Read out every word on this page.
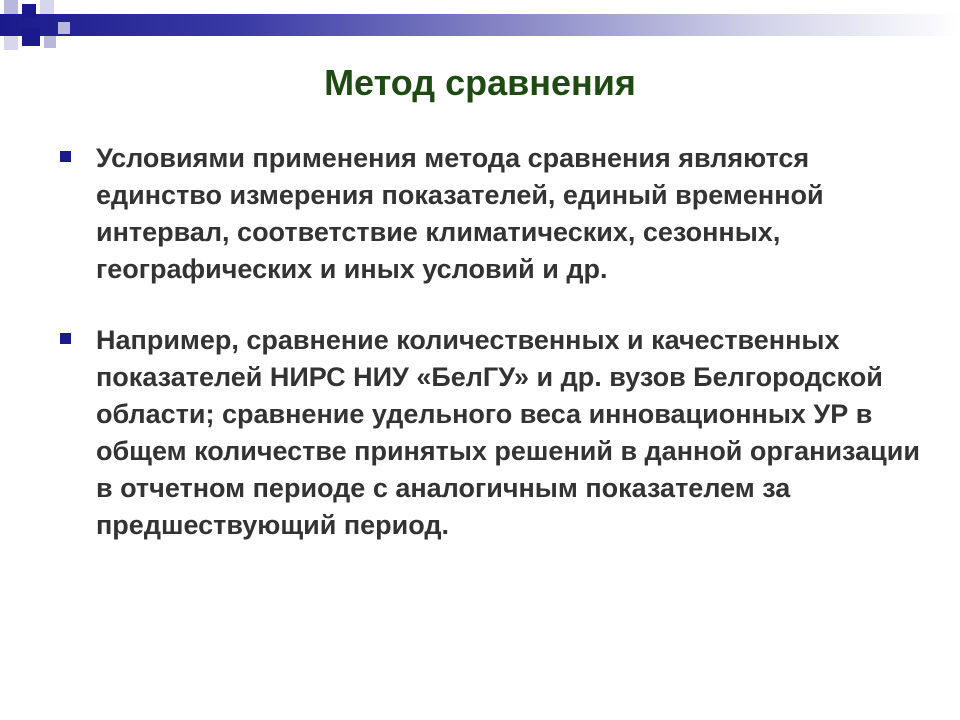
Метод сравнения
Условиями применения метода сравнения являются единство измерения показателей, единый временной интервал, соответствие климатических, сезонных, географических и иных условий и др.
Например, сравнение количественных и качественных показателей НИРС НИУ «БелГУ» и др. вузов Белгородской области; сравнение удельного веса инновационных УР в общем количестве принятых решений в данной организации в отчетном периоде с аналогичным показателем за предшествующий период.
